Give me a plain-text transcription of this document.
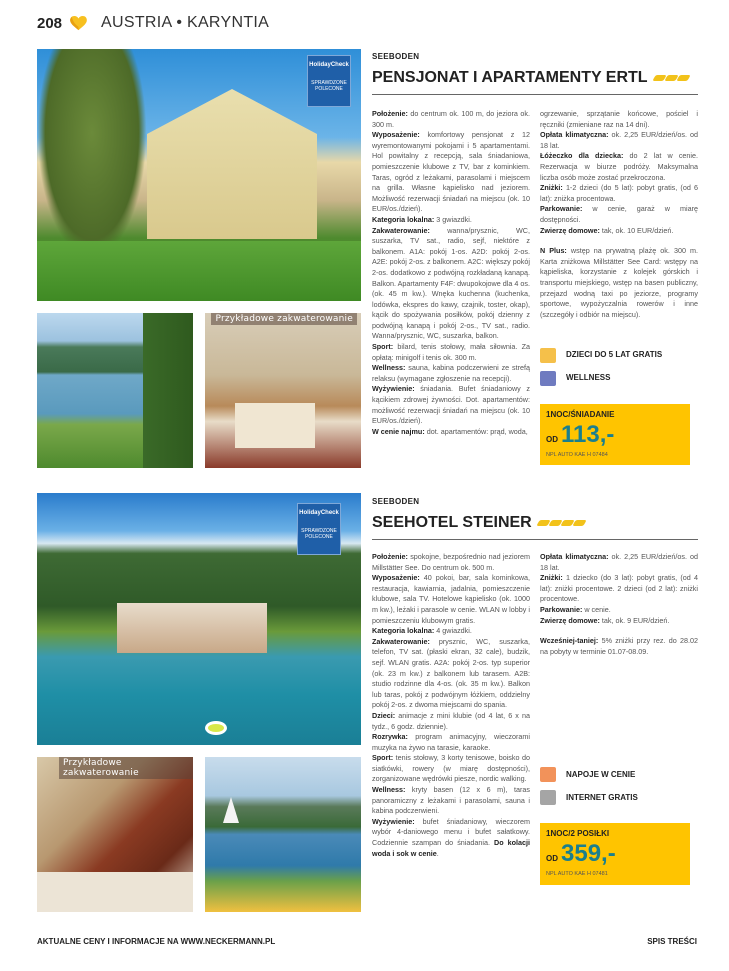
208 AUSTRIA • KARYNTIA
HolidayCheck
SPRAWDZONE
POLECONE
Przykładowe zakwaterowanie
SEEBODEN
PENSJONAT I APARTAMENTY ERTL

Położenie: do centrum ok. 100 m, do jeziora ok. 300 m.

Wyposażenie: komfortowy pensjonat z 12 wyremontowanymi pokojami i 5 apartamentami. Hol powitalny z recepcją, sala śniadaniowa, pomieszczenie klubowe z TV, bar z kominkiem. Taras, ogród z leżakami, parasolami i miejscem na grilla. Własne kąpielisko nad jeziorem. Możliwość rezerwacji śniadań na miejscu (ok. 10 EUR/os./dzień).

Kategoria lokalna: 3 gwiazdki.

Zakwaterowanie: wanna/prysznic, WC, suszarka, TV sat., radio, sejf, niektóre z balkonem. A1A: pokój 1-os. A2D: pokój 2-os. A2E: pokój 2-os. z balkonem. A2C: większy pokój 2-os. dodatkowo z podwójną rozkładaną kanapą. Balkon. Apartamenty F4F: dwupokojowe dla 4 os. (ok. 45 m kw.). Wnęka kuchenna (kuchenka, lodówka, ekspres do kawy, czajnik, toster, okap), kącik do spożywania posiłków, pokój dzienny z podwójną kanapą i pokój 2-os., TV sat., radio. Wanna/prysznic, WC, suszarka, balkon.

Sport: bilard, tenis stołowy, mała siłownia. Za opłatą: minigolf i tenis ok. 300 m.

Wellness: sauna, kabina podczerwieni ze strefą relaksu (wymagane zgłoszenie na recepcji).

Wyżywienie: śniadania. Bufet śniadaniowy z kącikiem zdrowej żywności. Dot. apartamentów: możliwość rezerwacji śniadań na miejscu (ok. 10 EUR/os./dzień).

W cenie najmu: dot. apartamentów: prąd, woda,

ogrzewanie, sprzątanie końcowe, pościel i ręczniki (zmieniane raz na 14 dni).

Opłata klimatyczna: ok. 2,25 EUR/dzień/os. od 18 lat.

Łóżeczko dla dziecka: do 2 lat w cenie. Rezerwacja w biurze podróży. Maksymalna liczba osób może zostać przekroczona.

Zniżki: 1-2 dzieci (do 5 lat): pobyt gratis, (od 6 lat): zniżka procentowa.

Parkowanie: w cenie, garaż w miarę dostępności.

Zwierzę domowe: tak, ok. 10 EUR/dzień.

N Plus: wstęp na prywatną plażę ok. 300 m. Karta zniżkowa Millstätter See Card: wstępy na kąpieliska, korzystanie z kolejek górskich i transportu miejskiego, wstęp na basen publiczny, przejazd wodną taxi po jeziorze, programy sportowe, wypożyczalnia rowerów i inne (szczegóły i odbiór na miejscu).

DZIECI DO 5 LAT GRATIS
WELLNESS
1NOC/ŚNIADANIE
OD 113,-
NPL AUTO KAE H 07484
HolidayCheck
SPRAWDZONE
POLECONE
Przykładowe zakwaterowanie
SEEBODEN
SEEHOTEL STEINER

Położenie: spokojne, bezpośrednio nad jeziorem Millstätter See. Do centrum ok. 500 m.

Wyposażenie: 40 pokoi, bar, sala kominkowa, restauracja, kawiarnia, jadalnia, pomieszczenie klubowe, sala TV. Hotelowe kąpielisko (ok. 1000 m kw.), leżaki i parasole w cenie. WLAN w lobby i pomieszczeniu klubowym gratis.

Kategoria lokalna: 4 gwiazdki.

Zakwaterowanie: prysznic, WC, suszarka, telefon, TV sat. (płaski ekran, 32 cale), budzik, sejf. WLAN gratis. A2A: pokój 2-os. typ superior (ok. 23 m kw.) z balkonem lub tarasem. A2B: studio rodzinne dla 4-os. (ok. 35 m kw.). Balkon lub taras, pokój z podwójnym łóżkiem, oddzielny pokój 2-os. z dwoma miejscami do spania.

Dzieci: animacje z mini klubie (od 4 lat, 6 x na tydz., 6 godz. dziennie).

Rozrywka: program animacyjny, wieczorami muzyka na żywo na tarasie, karaoke.

Sport: tenis stołowy, 3 korty tenisowe, boisko do siatkówki, rowery (w miarę dostępności), zorganizowane wędrówki piesze, nordic walking.

Wellness: kryty basen (12 x 6 m), taras panoramiczny z leżakami i parasolami, sauna i kabina podczerwieni.

Wyżywienie: bufet śniadaniowy, wieczorem wybór 4-daniowego menu i bufet sałatkowy. Codziennie szampan do śniadania. Do kolacji woda i sok w cenie.

Opłata klimatyczna: ok. 2,25 EUR/dzień/os. od 18 lat.

Zniżki: 1 dziecko (do 3 lat): pobyt gratis, (od 4 lat): zniżki procentowe. 2 dzieci (od 2 lat): zniżki procentowe.

Parkowanie: w cenie.

Zwierzę domowe: tak, ok. 9 EUR/dzień.

Wcześniej-taniej: 5% zniżki przy rez. do 28.02 na pobyty w terminie 01.07-08.09.

NAPOJE W CENIE
INTERNET GRATIS
1NOC/2 POSIŁKI
OD 359,-
NPL AUTO KAE H 07481
AKTUALNE CENY I INFORMACJE NA WWW.NECKERMANN.PL	SPIS TREŚCI
